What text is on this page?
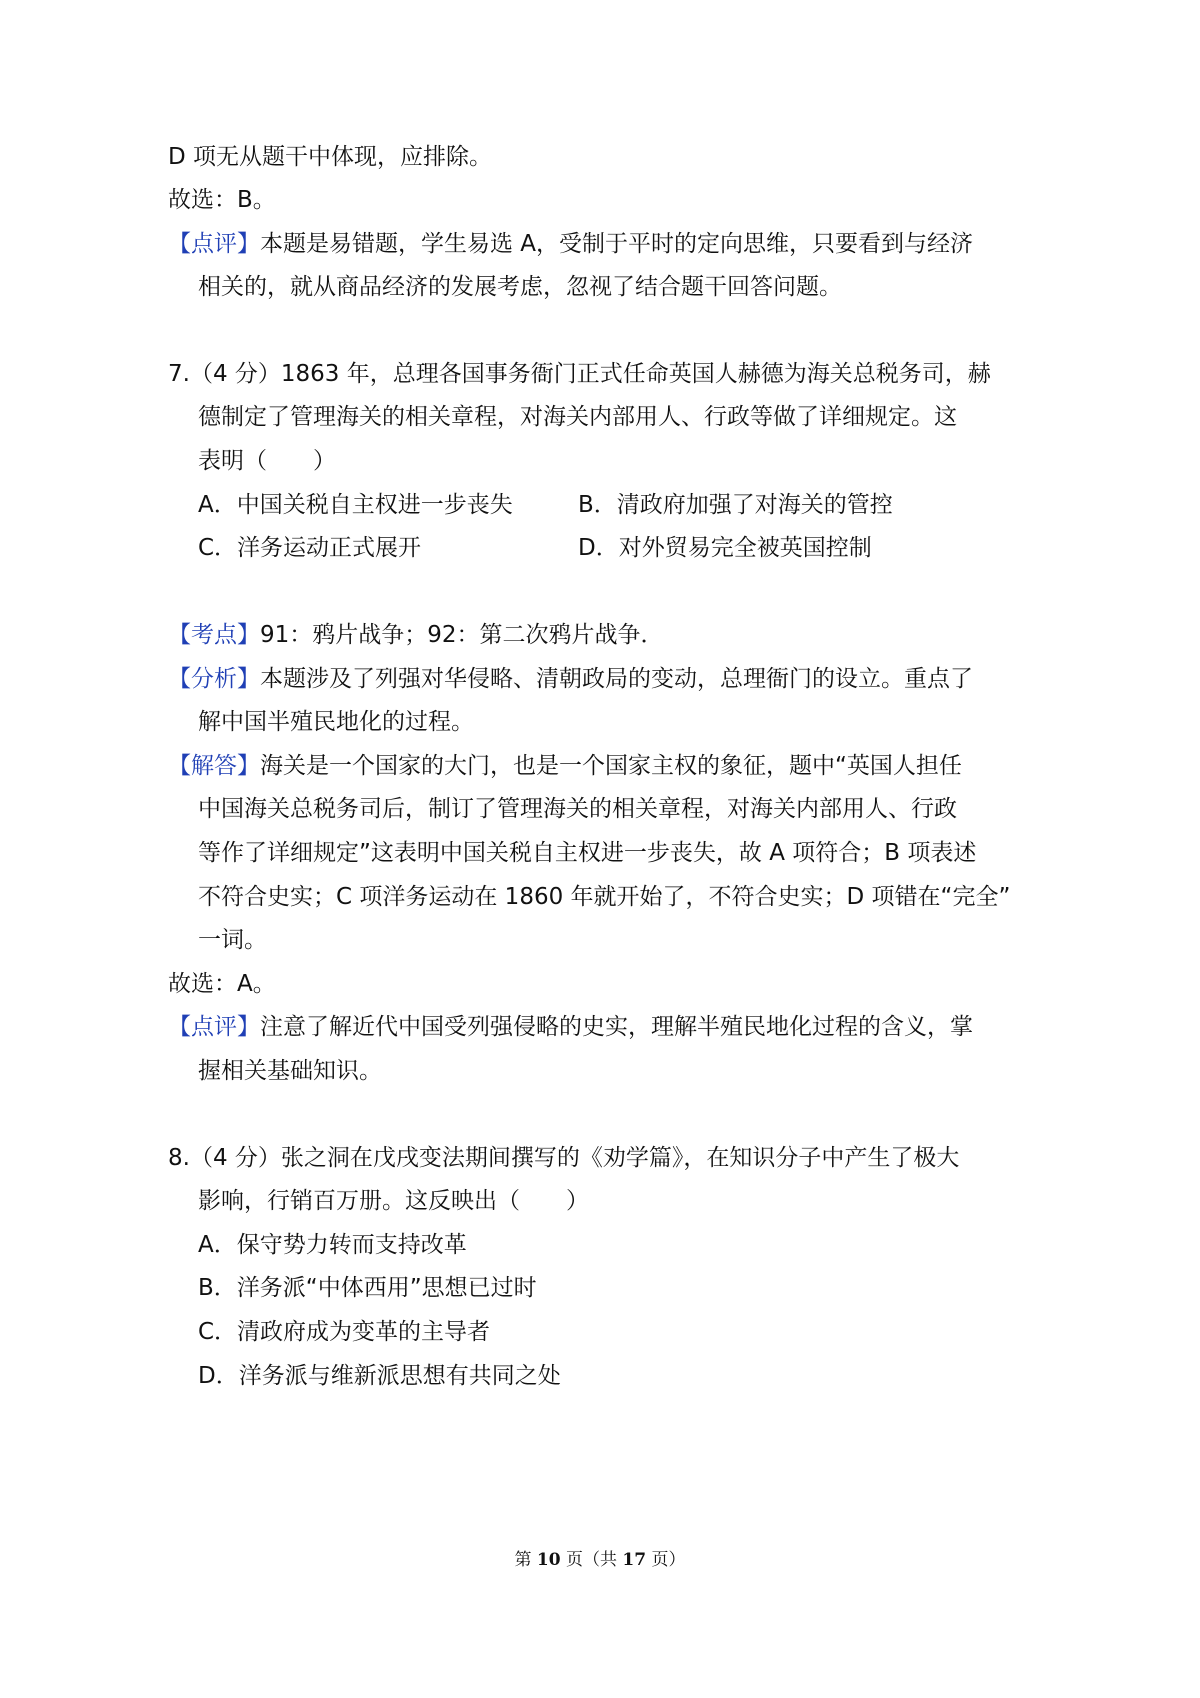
D 项无从题干中体现，应排除。
故选：B。
【点评】本题是易错题，学生易选 A，受制于平时的定向思维，只要看到与经济
相关的，就从商品经济的发展考虑，忽视了结合题干回答问题。
7.（4 分）1863 年，总理各国事务衙门正式任命英国人赫德为海关总税务司，赫
德制定了管理海关的相关章程，对海关内部用人、行政等做了详细规定。这
表明（　　）
A．中国关税自主权进一步丧失	B．清政府加强了对海关的管控
C．洋务运动正式展开	D．对外贸易完全被英国控制
【考点】91：鸦片战争；92：第二次鸦片战争．
【分析】本题涉及了列强对华侵略、清朝政局的变动，总理衙门的设立。重点了
解中国半殖民地化的过程。
【解答】海关是一个国家的大门，也是一个国家主权的象征，题中“英国人担任
中国海关总税务司后，制订了管理海关的相关章程，对海关内部用人、行政
等作了详细规定”这表明中国关税自主权进一步丧失，故 A 项符合；B 项表述
不符合史实；C 项洋务运动在 1860 年就开始了，不符合史实；D 项错在“完全”
一词。
故选：A。
【点评】注意了解近代中国受列强侵略的史实，理解半殖民地化过程的含义，掌
握相关基础知识。
8.（4 分）张之洞在戊戌变法期间撰写的《劝学篇》，在知识分子中产生了极大
影响，行销百万册。这反映出（　　）
A．保守势力转而支持改革
B．洋务派“中体西用”思想已过时
C．清政府成为变革的主导者
D．洋务派与维新派思想有共同之处
第 10 页（共 17 页）
